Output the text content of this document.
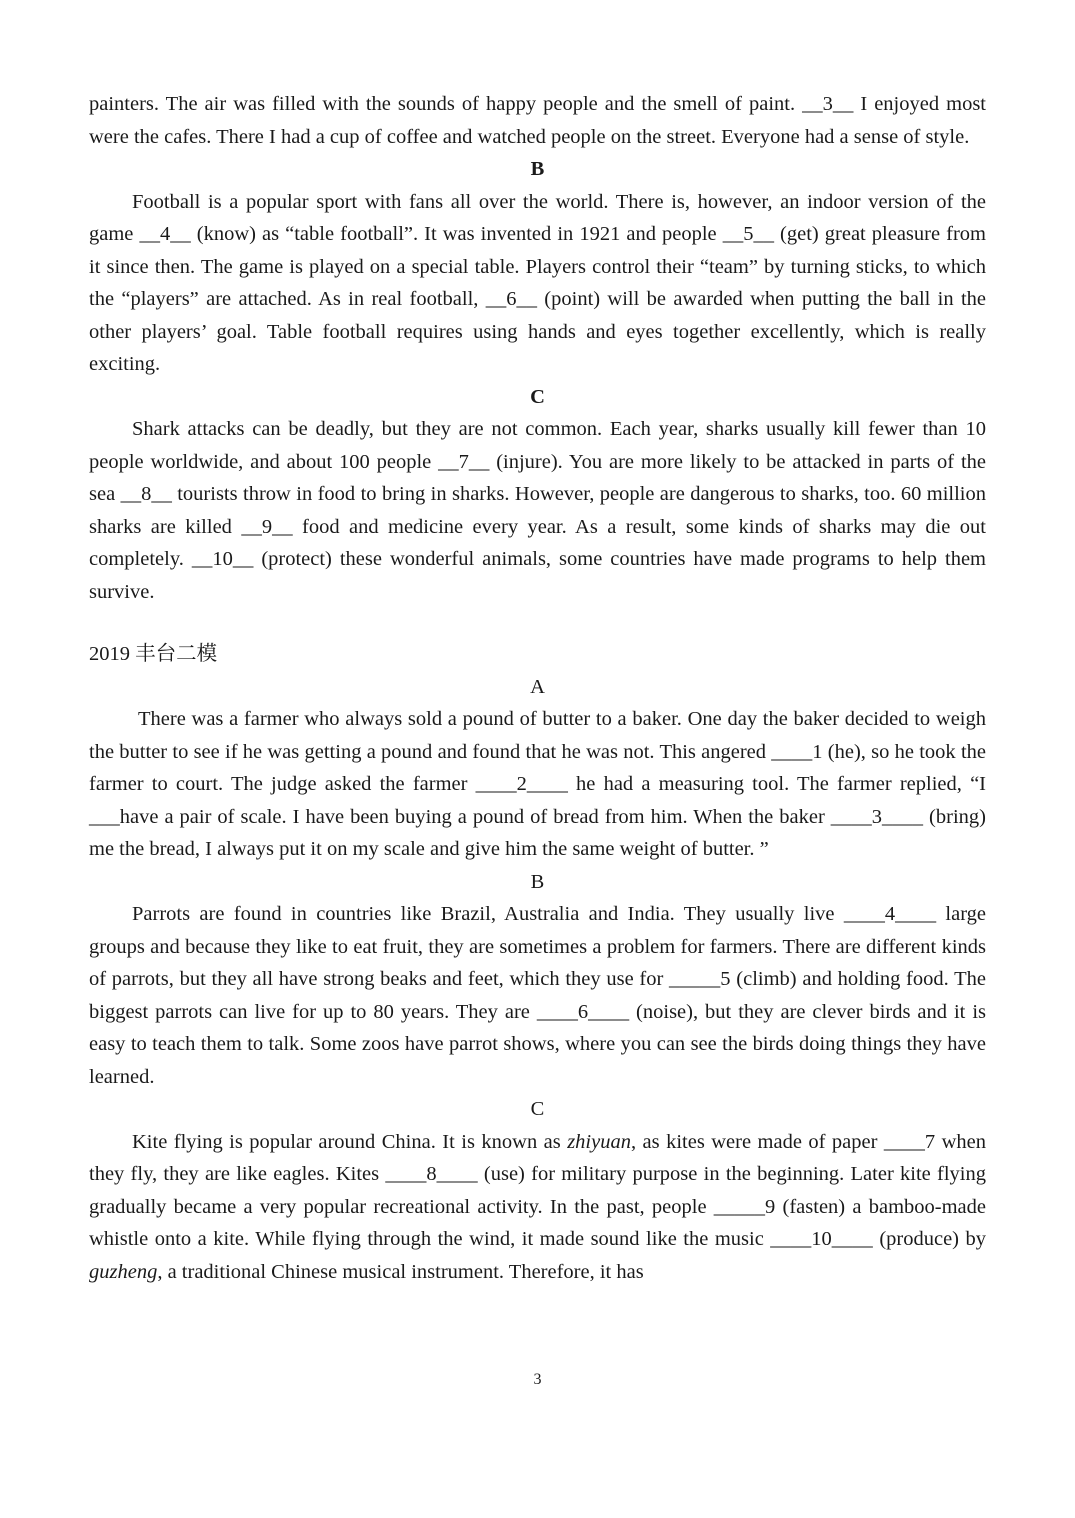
painters. The air was filled with the sounds of happy people and the smell of paint. __3__ I enjoyed most were the cafes. There I had a cup of coffee and watched people on the street. Everyone had a sense of style.

B

Football is a popular sport with fans all over the world. There is, however, an indoor version of the game __4__ (know) as “table football”. It was invented in 1921 and people __5__ (get) great pleasure from it since then. The game is played on a special table. Players control their “team” by turning sticks, to which the “players” are attached. As in real football, __6__ (point) will be awarded when putting the ball in the other players’ goal. Table football requires using hands and eyes together excellently, which is really exciting.

C

Shark attacks can be deadly, but they are not common. Each year, sharks usually kill fewer than 10 people worldwide, and about 100 people __7__ (injure). You are more likely to be attacked in parts of the sea __8__ tourists throw in food to bring in sharks. However, people are dangerous to sharks, too. 60 million sharks are killed __9__ food and medicine every year. As a result, some kinds of sharks may die out completely. __10__ (protect) these wonderful animals, some countries have made programs to help them survive.

2019 丰台二模

A

There was a farmer who always sold a pound of butter to a baker. One day the baker decided to weigh the butter to see if he was getting a pound and found that he was not. This angered ____1 (he), so he took the farmer to court. The judge asked the farmer ____2____ he had a measuring tool. The farmer replied, “I ___have a pair of scale. I have been buying a pound of bread from him. When the baker ____3____ (bring) me the bread, I always put it on my scale and give him the same weight of butter. ”

B

Parrots are found in countries like Brazil, Australia and India. They usually live ____4____ large groups and because they like to eat fruit, they are sometimes a problem for farmers. There are different kinds of parrots, but they all have strong beaks and feet, which they use for _____5 (climb) and holding food. The biggest parrots can live for up to 80 years. They are ____6____ (noise), but they are clever birds and it is easy to teach them to talk. Some zoos have parrot shows, where you can see the birds doing things they have learned.

C

Kite flying is popular around China. It is known as zhiyuan, as kites were made of paper ____7 when they fly, they are like eagles. Kites ____8____ (use) for military purpose in the beginning. Later kite flying gradually became a very popular recreational activity. In the past, people _____9 (fasten) a bamboo-made whistle onto a kite. While flying through the wind, it made sound like the music ____10____ (produce) by guzheng, a traditional Chinese musical instrument. Therefore, it has

3
